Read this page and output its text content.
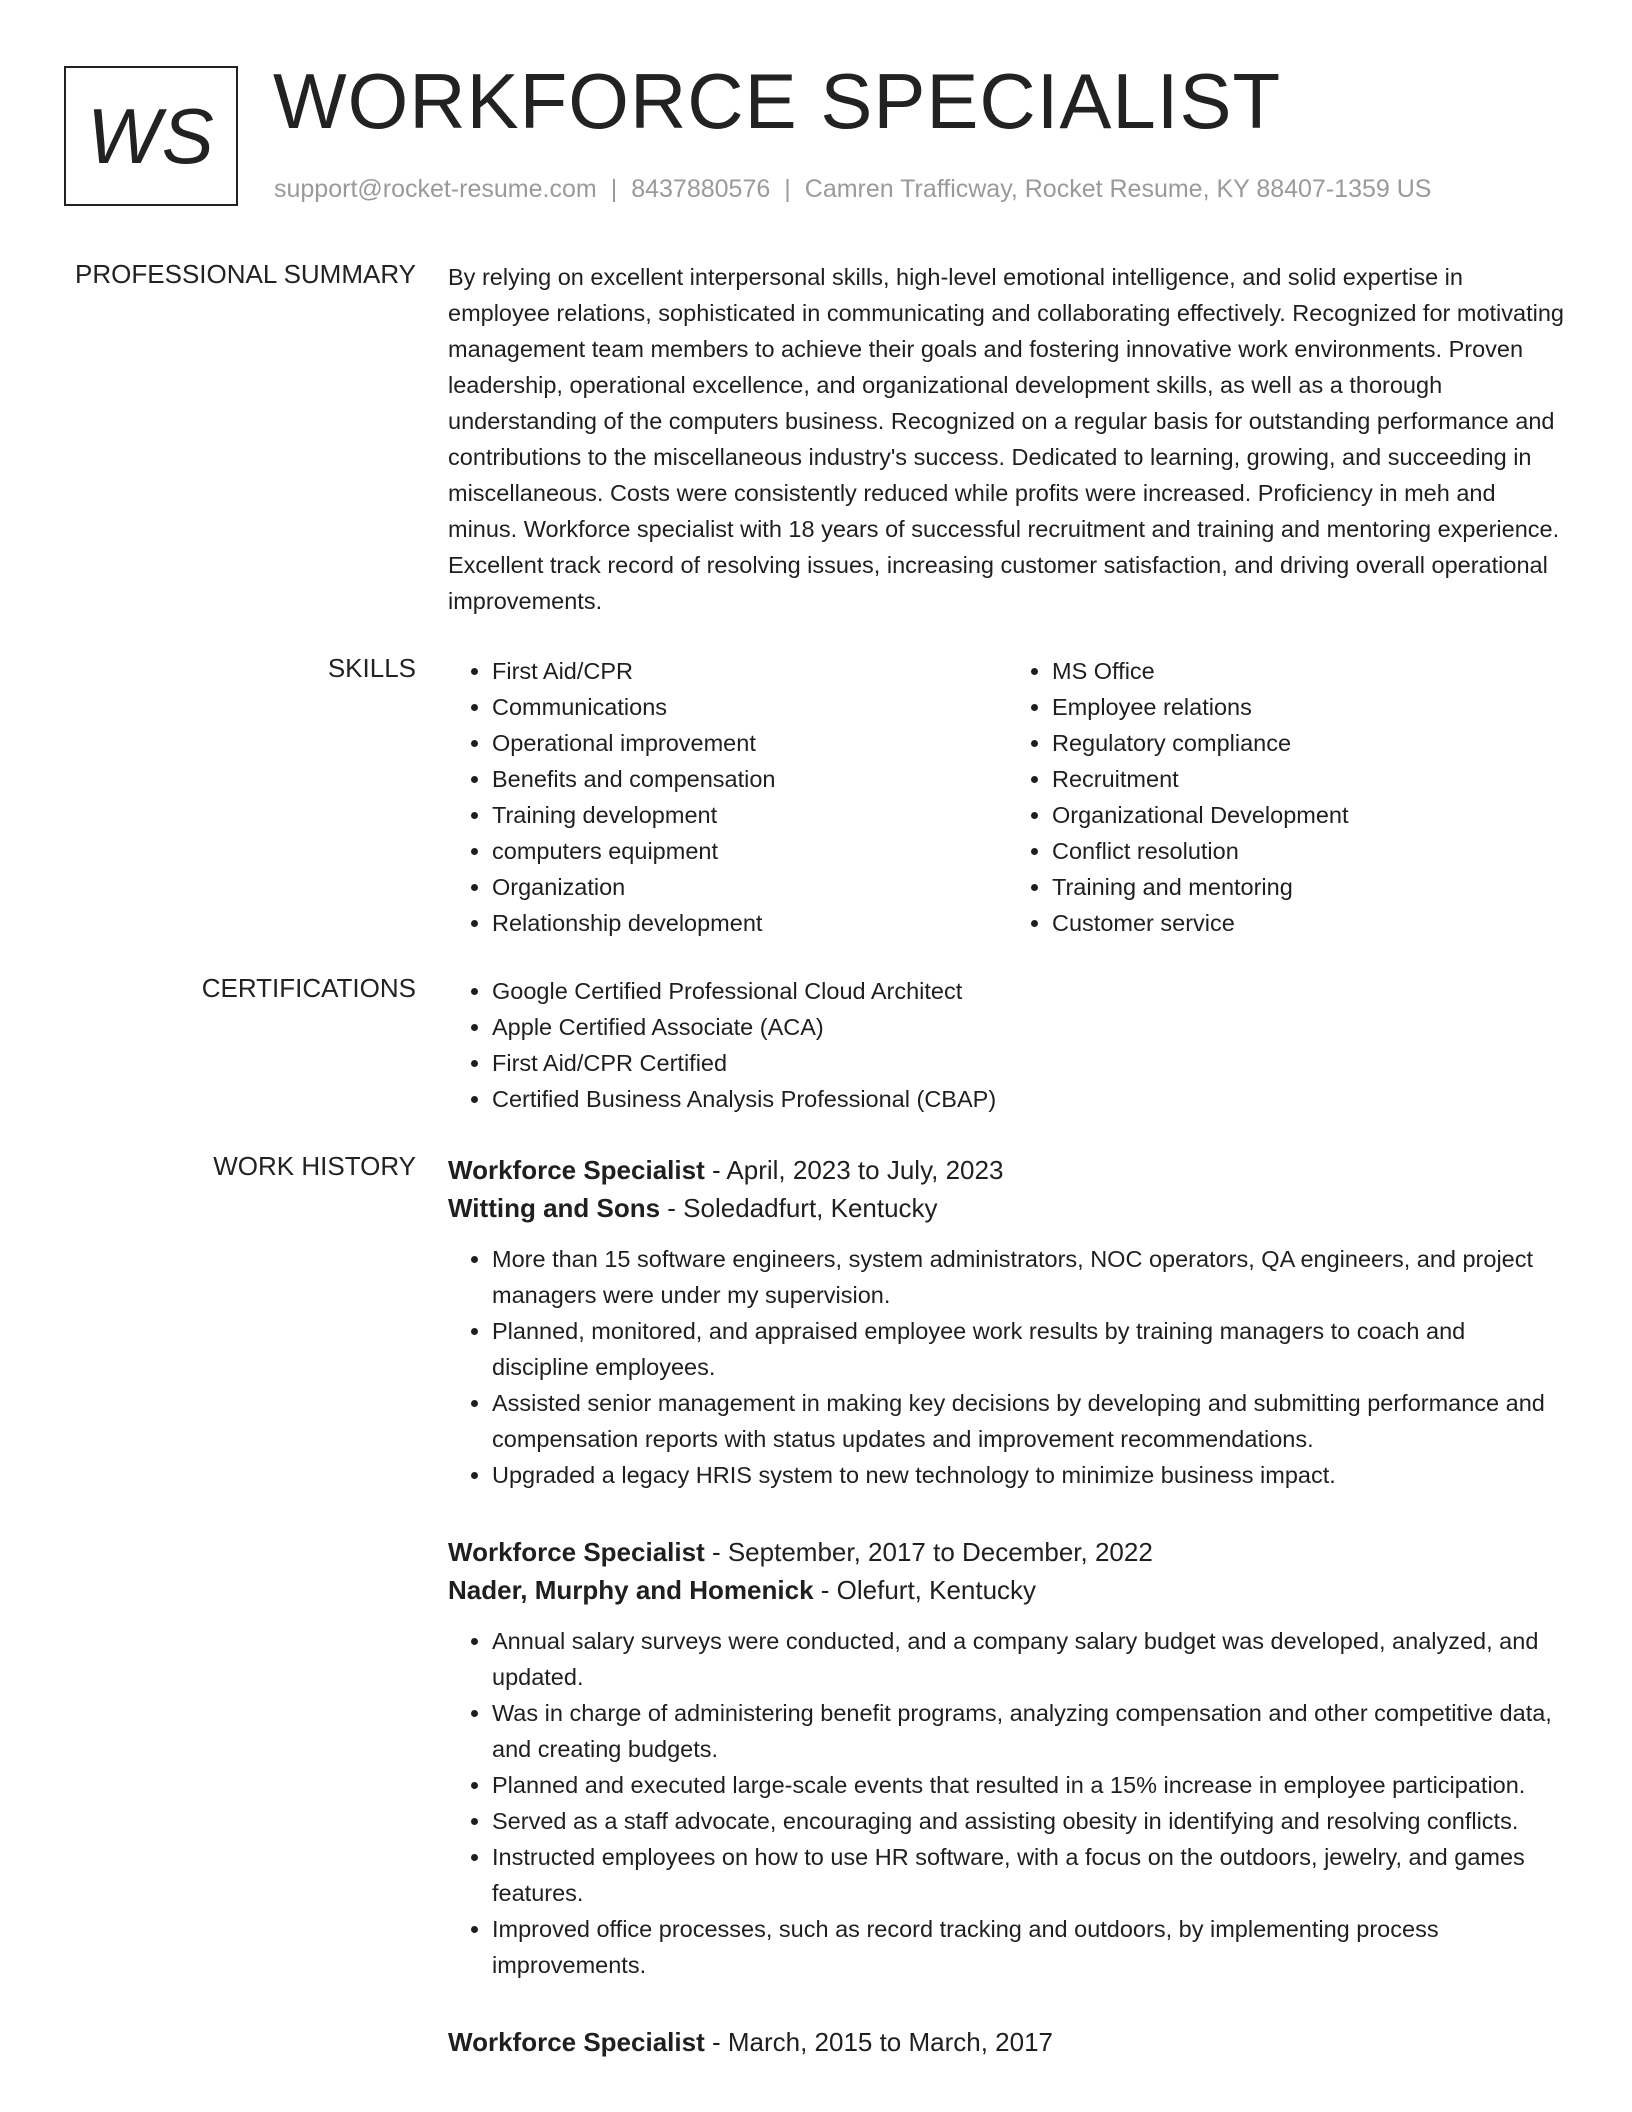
WS WORKFORCE SPECIALIST
support@rocket-resume.com | 8437880576 | Camren Trafficway, Rocket Resume, KY 88407-1359 US
PROFESSIONAL SUMMARY By relying on excellent interpersonal skills, high-level emotional intelligence, and solid expertise in employee relations, sophisticated in communicating and collaborating effectively. Recognized for motivating management team members to achieve their goals and fostering innovative work environments. Proven leadership, operational excellence, and organizational development skills, as well as a thorough understanding of the computers business. Recognized on a regular basis for outstanding performance and contributions to the miscellaneous industry's success. Dedicated to learning, growing, and succeeding in miscellaneous. Costs were consistently reduced while profits were increased. Proficiency in meh and minus. Workforce specialist with 18 years of successful recruitment and training and mentoring experience. Excellent track record of resolving issues, increasing customer satisfaction, and driving overall operational improvements.

SKILLS	• First Aid/CPR
• Communications
• Operational improvement
• Benefits and compensation
• Training development
• computers equipment
• Organization
• Relationship development
• MS Office
• Employee relations
• Regulatory compliance
• Recruitment
• Organizational Development
• Conflict resolution
• Training and mentoring
• Customer service
CERTIFICATIONS	• Google Certified Professional Cloud Architect
• Apple Certified Associate (ACA)
• First Aid/CPR Certified
• Certified Business Analysis Professional (CBAP)
WORK HISTORY Workforce Specialist - April, 2023 to July, 2023

Witting and Sons - Soledadfurt, Kentucky

• More than 15 software engineers, system administrators, NOC operators, QA engineers, and project managers were under my supervision.
• Planned, monitored, and appraised employee work results by training managers to coach and discipline employees.
• Assisted senior management in making key decisions by developing and submitting performance and compensation reports with status updates and improvement recommendations.
• Upgraded a legacy HRIS system to new technology to minimize business impact.

Workforce Specialist - September, 2017 to December, 2022

Nader, Murphy and Homenick - Olefurt, Kentucky

• Annual salary surveys were conducted, and a company salary budget was developed, analyzed, and updated.
• Was in charge of administering benefit programs, analyzing compensation and other competitive data, and creating budgets.
• Planned and executed large-scale events that resulted in a 15% increase in employee participation.
• Served as a staff advocate, encouraging and assisting obesity in identifying and resolving conflicts.
• Instructed employees on how to use HR software, with a focus on the outdoors, jewelry, and games features.
• Improved office processes, such as record tracking and outdoors, by implementing process improvements.

Workforce Specialist - March, 2015 to March, 2017
